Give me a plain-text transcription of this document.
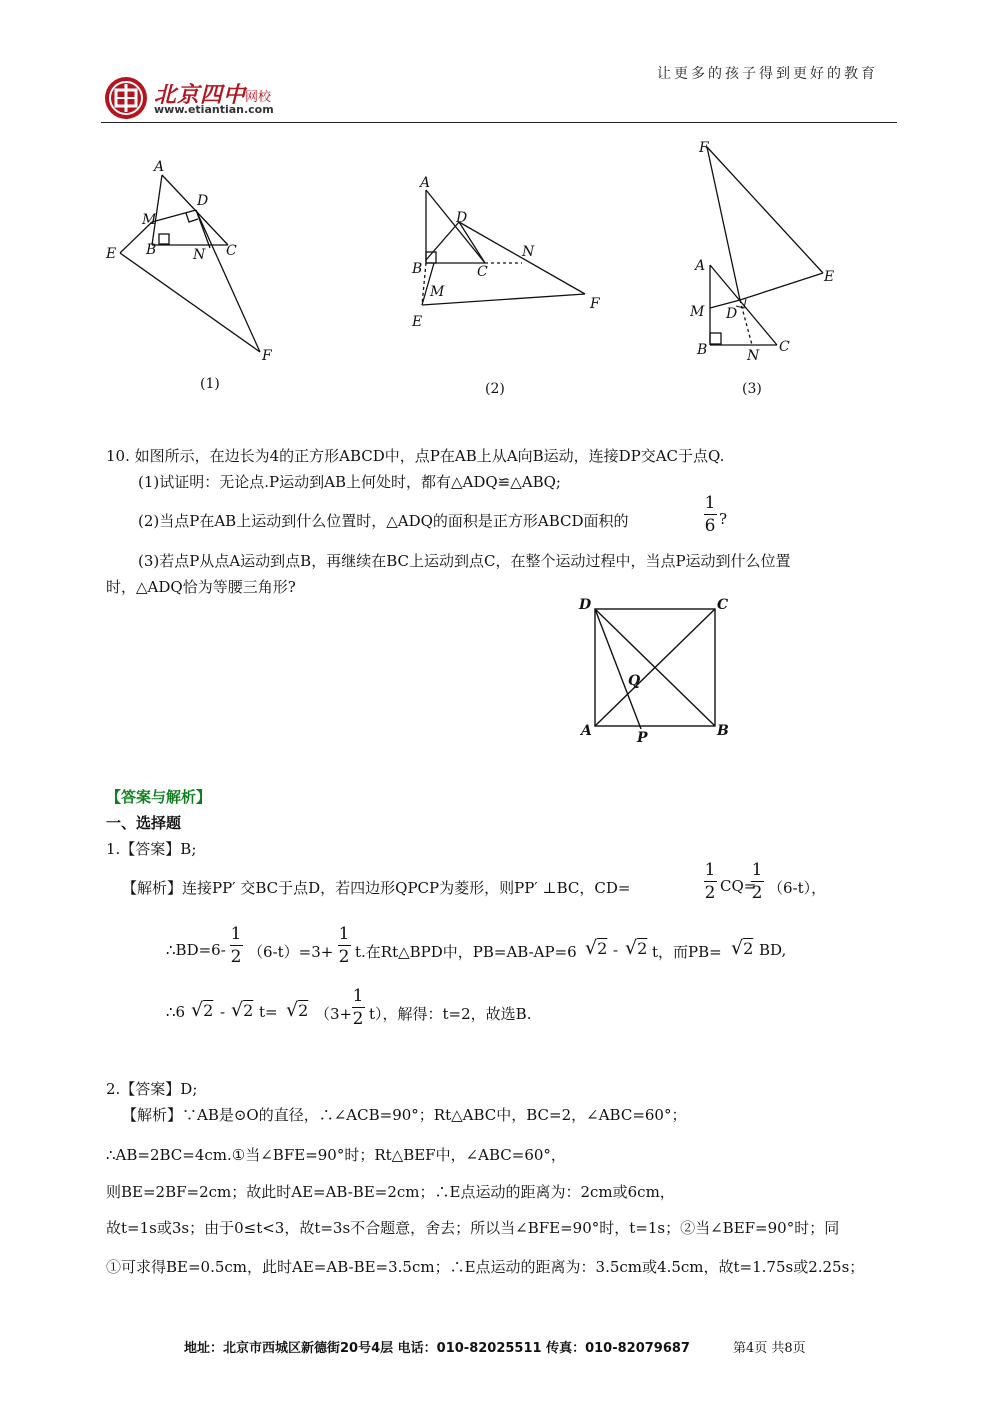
北京四中
网校
www.etiantian.com
让更多的孩子得到更好的教育
A
D
M
B	N C
E
F
(1)
A
D
N
B	C
M
E
F
(2)
F
A
E
M D
B	N
C
(3)
10. 如图所示，在边长为4的正方形ABCD中，点P在AB上从A向B运动，连接DP交AC于点Q.
(1)试证明：无论点.P运动到AB上何处时，都有△ADQ≌△ABQ;
(2)当点P在AB上运动到什么位置时，△ADQ的面积是正方形ABCD面积的
1
6 ?
(3)若点P从点A运动到点B，再继续在BC上运动到点C，在整个运动过程中，当点P运动到什么位置
时，△ADQ恰为等腰三角形?
D	C
Q
A	P	B
【答案与解析】
一、选择题
1.【答案】B;
【解析】连接PP′ 交BC于点D，若四边形QPCP为菱形，则PP′ ⊥BC，CD=
1
2 CQ=
1
2 （6-t），
∴BD=6-
1
2 （6-t）=3+
1
2 t.在Rt△BPD中，PB=AB-AP=6 √2 - √2 t，而PB= √2 BD,
∴6 √2 - √2 t= √2 （3+
1
2 t），解得：t=2，故选B.
2.【答案】D;
【解析】∵AB是⊙O的直径，∴∠ACB=90°；Rt△ABC中，BC=2，∠ABC=60°；
∴AB=2BC=4cm.①当∠BFE=90°时；Rt△BEF中，∠ABC=60°，
则BE=2BF=2cm；故此时AE=AB-BE=2cm；∴E点运动的距离为：2cm或6cm，
故t=1s或3s；由于0≤t<3，故t=3s不合题意，舍去；所以当∠BFE=90°时，t=1s；②当∠BEF=90°时；同
①可求得BE=0.5cm，此时AE=AB-BE=3.5cm；∴E点运动的距离为：3.5cm或4.5cm，故t=1.75s或2.25s；
地址：北京市西城区新德街20号4层 电话：010-82025511 传真：010-82079687	第4页 共8页
